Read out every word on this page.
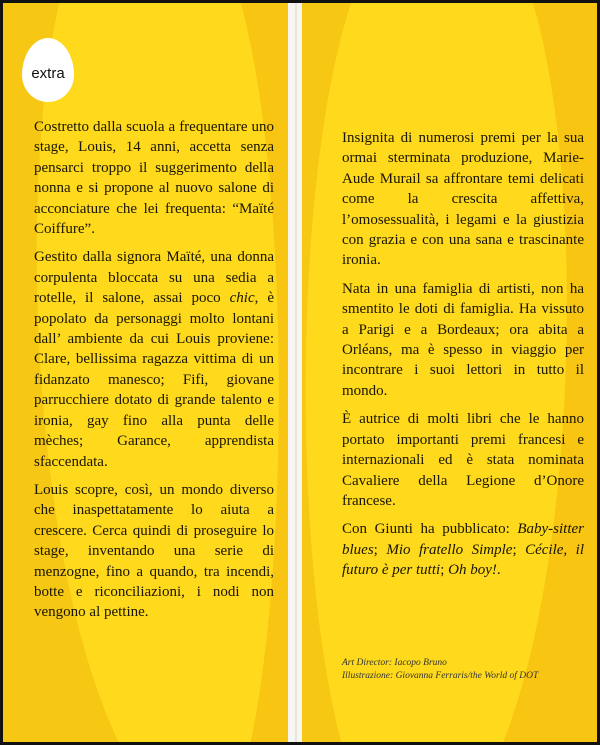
extra

Costretto dalla scuola a frequentare uno stage, Louis, 14 anni, accetta senza pensarci troppo il suggerimento della nonna e si propone al nuovo salone di acconciature che lei frequenta: “Maïté Coiffure”.

Gestito dalla signora Maïté, una donna corpulenta bloccata su una sedia a rotelle, il salone, assai poco chic, è popolato da personaggi molto lontani dall’ ambiente da cui Louis proviene: Clare, bellissima ragazza vittima di un fidanzato manesco; Fifi, giovane parrucchiere dotato di grande talento e ironia, gay fino alla punta delle mèches; Garance, apprendista sfaccendata.

Louis scopre, così, un mondo diverso che inaspettatamente lo aiuta a crescere. Cerca quindi di proseguire lo stage, inventando una serie di menzogne, fino a quando, tra incendi, botte e riconciliazioni, i nodi non vengono al pettine.

Insignita di numerosi premi per la sua ormai sterminata produzione, Marie-Aude Murail sa affrontare temi delicati come la crescita affettiva, l’omosessualità, i legami e la giustizia con grazia e con una sana e trascinante ironia.

Nata in una famiglia di artisti, non ha smentito le doti di famiglia. Ha vissuto a Parigi e a Bordeaux; ora abita a Orléans, ma è spesso in viaggio per incontrare i suoi lettori in tutto il mondo.

È autrice di molti libri che le hanno portato importanti premi francesi e internazionali ed è stata nominata Cavaliere della Legione d’Onore francese.

Con Giunti ha pubblicato: Baby-sitter blues; Mio fratello Simple; Cécile, il futuro è per tutti; Oh boy!.

Art Director: Iacopo Bruno
Illustrazione: Giovanna Ferraris/the World of DOT
